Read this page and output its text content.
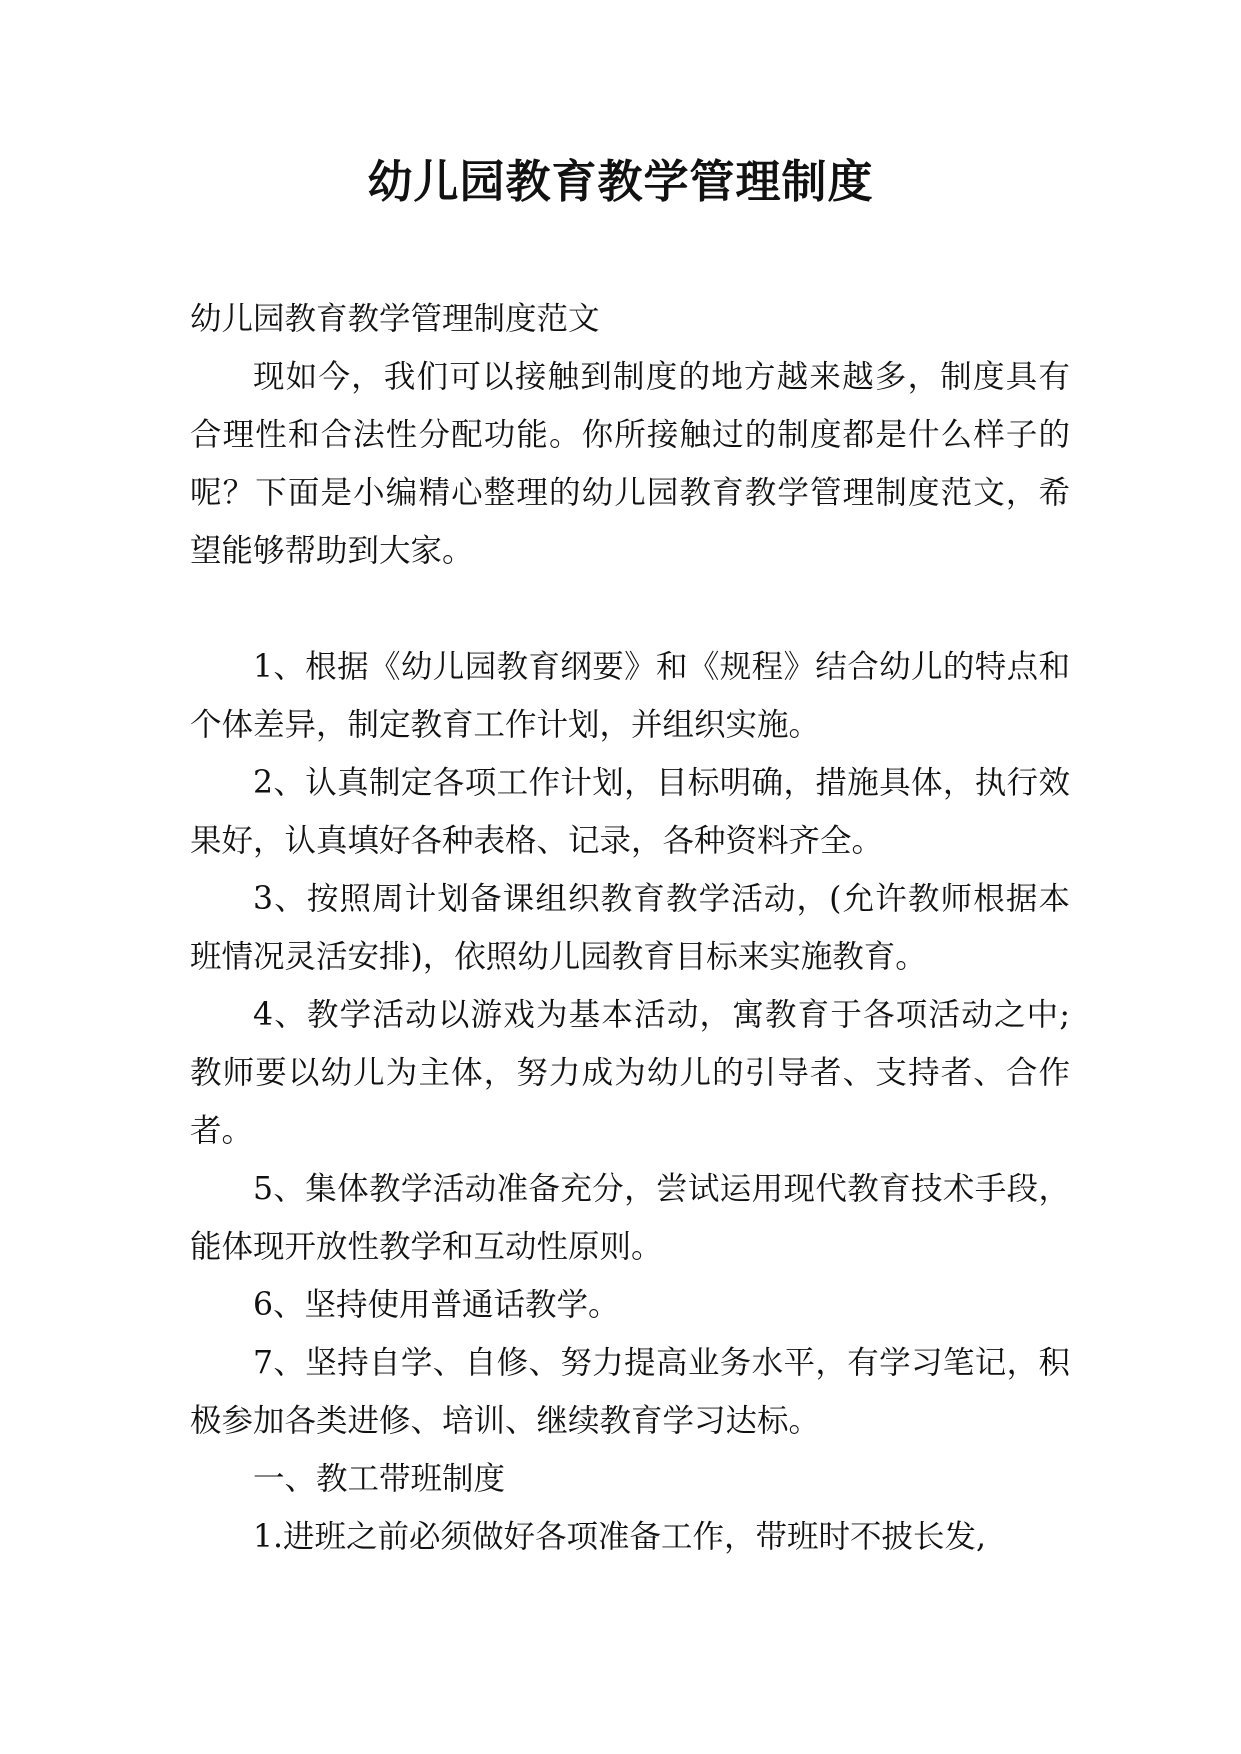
幼儿园教育教学管理制度
幼儿园教育教学管理制度范文

现如今，我们可以接触到制度的地方越来越多，制度具有合理性和合法性分配功能。你所接触过的制度都是什么样子的呢？下面是小编精心整理的幼儿园教育教学管理制度范文，希望能够帮助到大家。

1、根据《幼儿园教育纲要》和《规程》结合幼儿的特点和个体差异，制定教育工作计划，并组织实施。

2、认真制定各项工作计划，目标明确，措施具体，执行效果好，认真填好各种表格、记录，各种资料齐全。

3、按照周计划备课组织教育教学活动，(允许教师根据本班情况灵活安排)，依照幼儿园教育目标来实施教育。

4、教学活动以游戏为基本活动，寓教育于各项活动之中;教师要以幼儿为主体，努力成为幼儿的引导者、支持者、合作者。

5、集体教学活动准备充分，尝试运用现代教育技术手段，能体现开放性教学和互动性原则。

6、坚持使用普通话教学。

7、坚持自学、自修、努力提高业务水平，有学习笔记，积极参加各类进修、培训、继续教育学习达标。

一、教工带班制度

1.进班之前必须做好各项准备工作，带班时不披长发,
